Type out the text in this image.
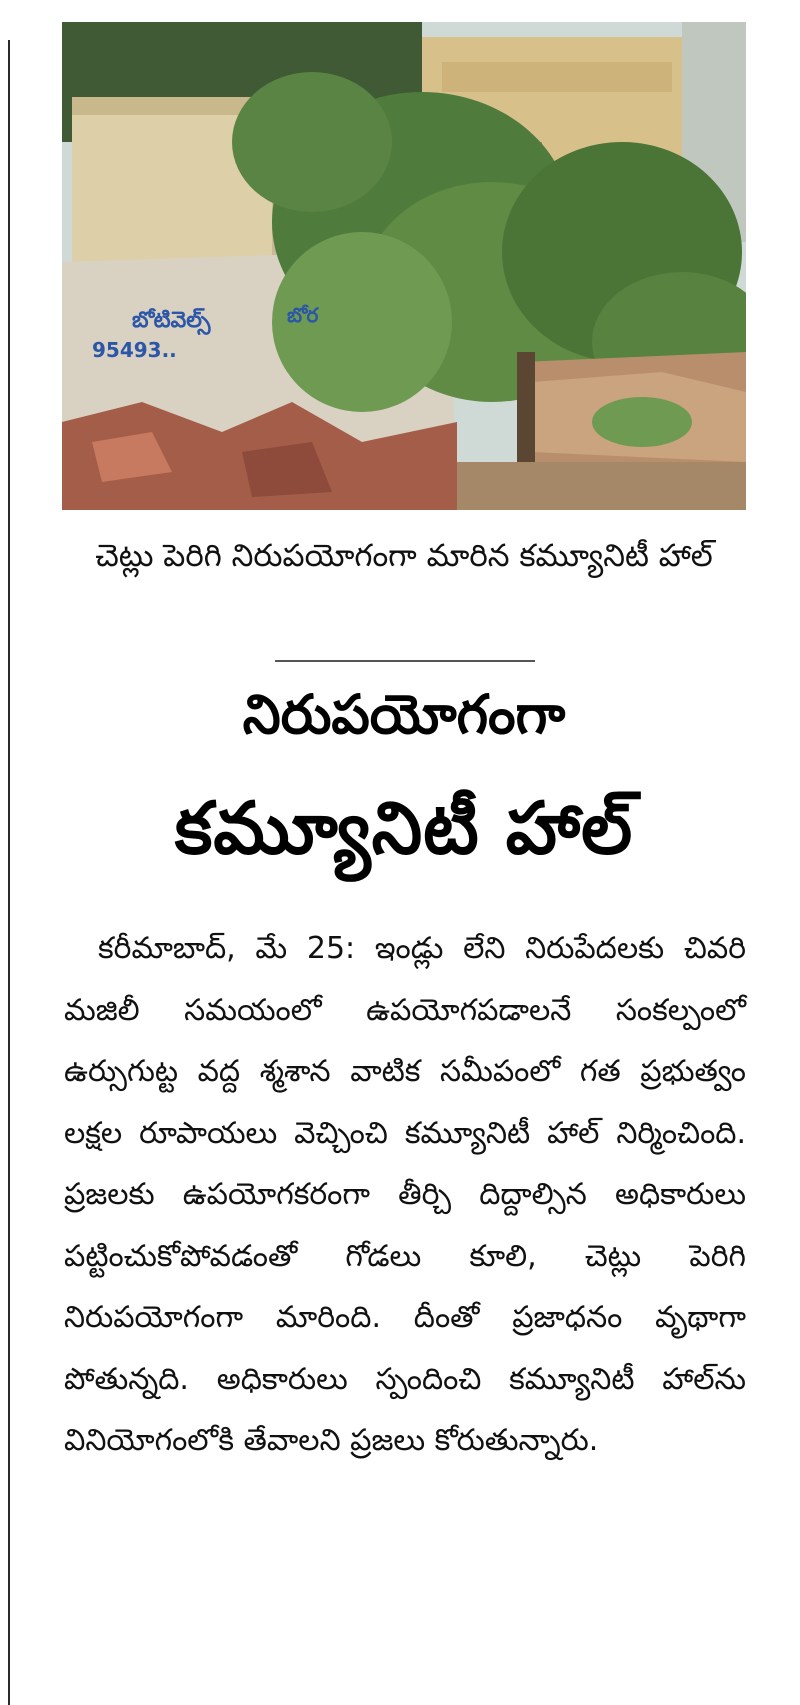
బోటివెల్స్
95493..
బోర
చెట్లు పెరిగి నిరుపయోగంగా మారిన కమ్యూనిటీ హాల్
నిరుపయోగంగా
కమ్యూనిటీ హాల్
కరీమాబాద్, మే 25: ఇండ్లు లేని నిరుపేదలకు చివరి మజిలీ సమయంలో ఉపయోగపడాలనే సంకల్పంలో ఉర్సుగుట్ట వద్ద శ్మశాన వాటిక సమీపంలో గత ప్రభుత్వం లక్షల రూపాయలు వెచ్చించి కమ్యూనిటీ హాల్ నిర్మించింది. ప్రజలకు ఉపయోగకరంగా తీర్చి దిద్దాల్సిన అధికారులు పట్టించుకోపోవడంతో గోడలు కూలి, చెట్లు పెరిగి నిరుపయోగంగా మారింది. దీంతో ప్రజాధనం వృథాగా పోతున్నది. అధికారులు స్పందించి కమ్యూనిటీ హాల్‌ను వినియోగంలోకి తేవాలని ప్రజలు కోరుతున్నారు.
